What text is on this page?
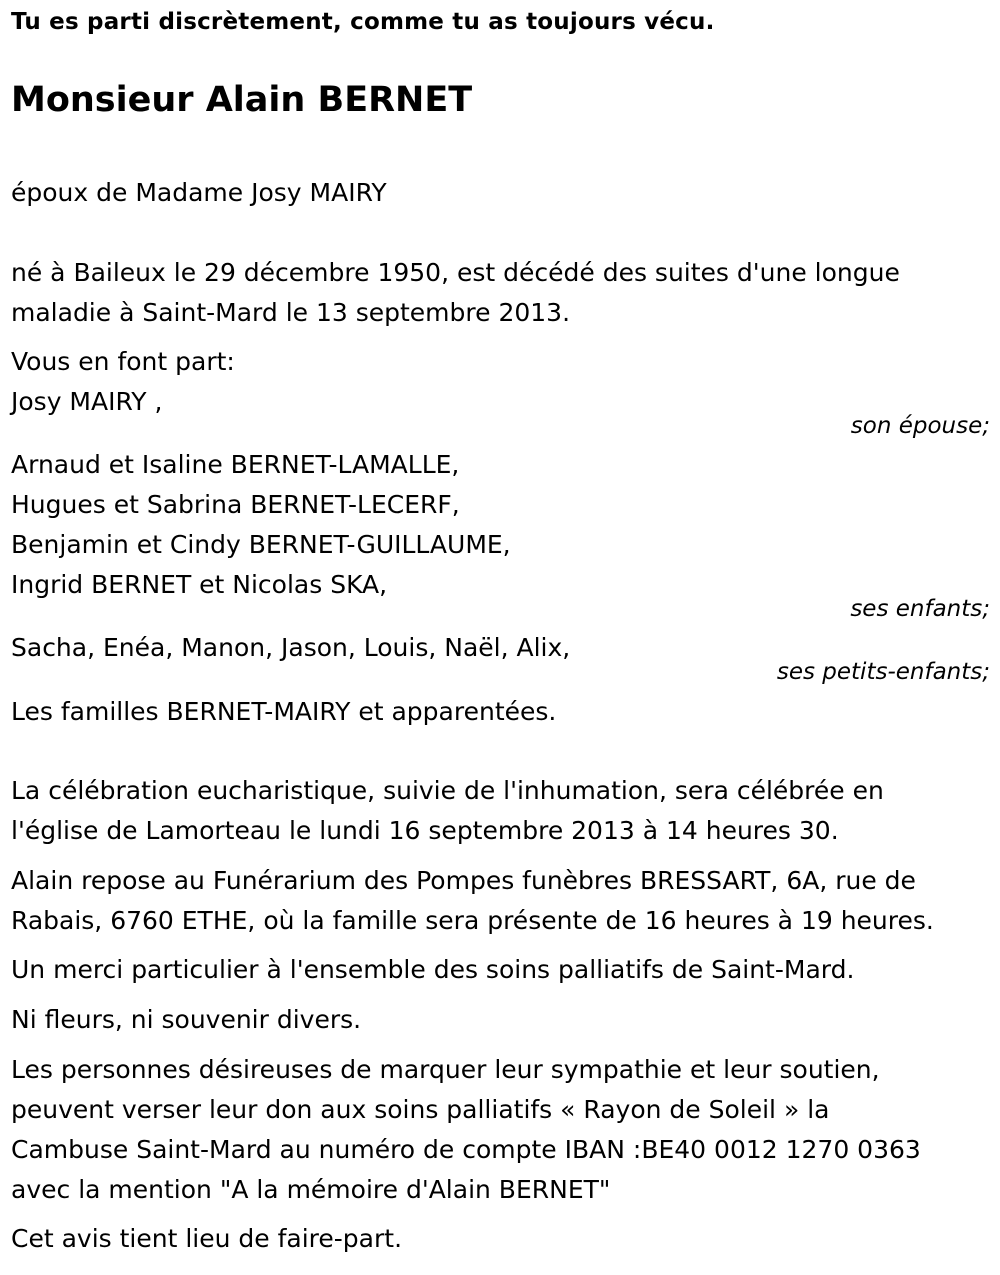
Tu es parti discrètement, comme tu as toujours vécu.
Monsieur Alain BERNET
époux de Madame Josy MAIRY
né à Baileux le 29 décembre 1950, est décédé des suites d'une longue
maladie à Saint-Mard le 13 septembre 2013.
Vous en font part:
Josy MAIRY ,
son épouse;
Arnaud et Isaline BERNET-LAMALLE,
Hugues et Sabrina BERNET-LECERF,
Benjamin et Cindy BERNET-GUILLAUME,
Ingrid BERNET et Nicolas SKA,
ses enfants;
Sacha, Enéa, Manon, Jason, Louis, Naël, Alix,
ses petits-enfants;
Les familles BERNET-MAIRY et apparentées.
La célébration eucharistique, suivie de l'inhumation, sera célébrée en
l'église de Lamorteau le lundi 16 septembre 2013 à 14 heures 30.
Alain repose au Funérarium des Pompes funèbres BRESSART, 6A, rue de
Rabais, 6760 ETHE, où la famille sera présente de 16 heures à 19 heures.
Un merci particulier à l'ensemble des soins palliatifs de Saint-Mard.
Ni fleurs, ni souvenir divers.
Les personnes désireuses de marquer leur sympathie et leur soutien,
peuvent verser leur don aux soins palliatifs « Rayon de Soleil » la
Cambuse Saint-Mard au numéro de compte IBAN :BE40 0012 1270 0363
avec la mention "A la mémoire d'Alain BERNET"
Cet avis tient lieu de faire-part.
